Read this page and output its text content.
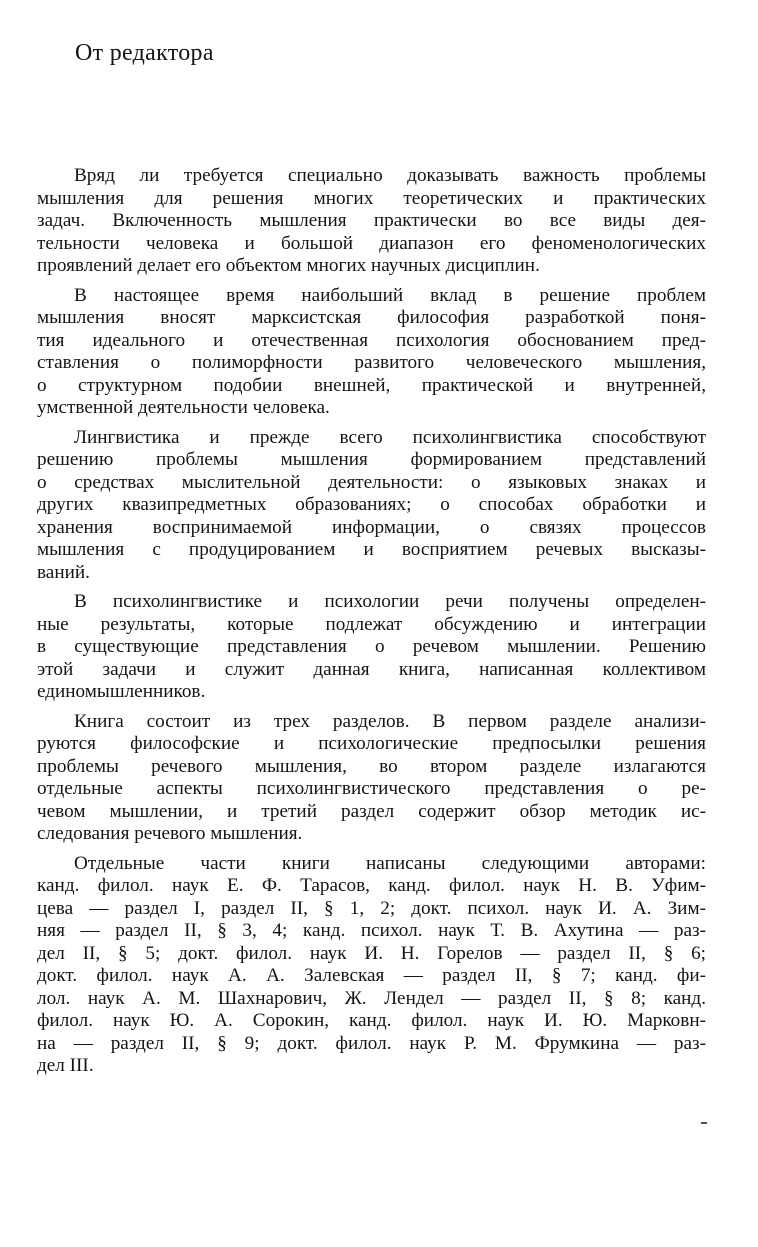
От редактора
Вряд ли требуется специально доказывать важность проблемы
мышления для решения многих теоретических и практических
задач. Включенность мышления практически во все виды дея-
тельности человека и большой диапазон его феноменологических
проявлений делает его объектом многих научных дисциплин.
В настоящее время наибольший вклад в решение проблем
мышления вносят марксистская философия разработкой поня-
тия идеального и отечественная психология обоснованием пред-
ставления о полиморфности развитого человеческого мышления,
о структурном подобии внешней, практической и внутренней,
умственной деятельности человека.
Лингвистика и прежде всего психолингвистика способствуют
решению проблемы мышления формированием представлений
о средствах мыслительной деятельности: о языковых знаках и
других квазипредметных образованиях; о способах обработки и
хранения воспринимаемой информации, о связях процессов
мышления с продуцированием и восприятием речевых высказы-
ваний.
В психолингвистике и психологии речи получены определен-
ные результаты, которые подлежат обсуждению и интеграции
в существующие представления о речевом мышлении. Решению
этой задачи и служит данная книга, написанная коллективом
единомышленников.
Книга состоит из трех разделов. В первом разделе анализи-
руются философские и психологические предпосылки решения
проблемы речевого мышления, во втором разделе излагаются
отдельные аспекты психолингвистического представления о ре-
чевом мышлении, и третий раздел содержит обзор методик ис-
следования речевого мышления.
Отдельные части книги написаны следующими авторами:
канд. филол. наук Е. Ф. Тарасов, канд. филол. наук Н. В. Уфим-
цева — раздел I, раздел II, § 1, 2; докт. психол. наук И. А. Зим-
няя — раздел II, § 3, 4; канд. психол. наук Т. В. Ахутина — раз-
дел II, § 5; докт. филол. наук И. Н. Горелов — раздел II, § 6;
докт. филол. наук А. А. Залевская — раздел II, § 7; канд. фи-
лол. наук А. М. Шахнарович, Ж. Лендел — раздел II, § 8; канд.
филол. наук Ю. А. Сорокин, канд. филол. наук И. Ю. Марковн-
на — раздел II, § 9; докт. филол. наук Р. М. Фрумкина — раз-
дел III.
